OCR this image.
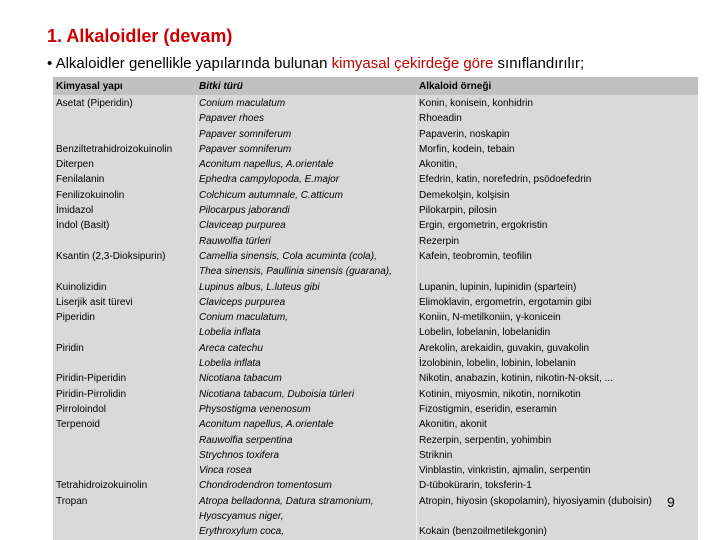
1. Alkaloidler (devam)
• Alkaloidler genellikle yapılarında bulunan kimyasal çekirdeğe göre sınıflandırılır;
Kimyasal yapı	Bitki türü	Alkaloid örneği
Asetat (Piperidin)

Benziltetrahidroizokuinolin
Diterpen
Fenilalanin
Fenilizokuinolin
İmidazol
İndol (Basit)

Ksantin (2,3-Dioksipurin)

Kuinolizidin
Liserjik asit türevi
Piperidin

Piridin

Piridin-Piperidin
Piridin-Pirrolidin
Pirroloindol
Terpenoid

Tetrahidroizokuinolin
Tropan

Conium maculatum
Papaver rhoes
Papaver somniferum
Papaver somniferum
Aconitum napellus, A.orientale
Ephedra campylopoda, E.major
Colchicum autumnale, C.atticum
Pilocarpus jaborandi
Claviceap purpurea
Rauwolfia türleri
Camellia sinensis, Cola acuminta (cola),
Thea sinensis, Paullinia sinensis (guarana),
Lupinus albus, L.luteus gibi
Claviceps purpurea
Conium maculatum,
Lobelia inflata
Areca catechu
Lobelia inflata
Nicotiana tabacum
Nicotiana tabacum, Duboisia türleri
Physostigma venenosum
Aconitum napellus, A.orientale
Rauwolfia serpentina
Strychnos toxifera
Vinca rosea
Chondrodendron tomentosum
Atropa belladonna, Datura stramonium,
Hyoscyamus niger,
Erythroxylum coca,
Konin, konisein, konhidrin
Rhoeadin
Papaverin, noskapin
Morfin, kodein, tebain
Akonitin,
Efedrin, katin, norefedrin, psödoefedrin
Demekolşin, kolşisin
Pilokarpin, pilosin
Ergin, ergometrin, ergokristin
Rezerpin
Kafein, teobromin, teofilin

Lupanin, lupinin, lupinidin (spartein)
Elimoklavin, ergometrin, ergotamin gibi
Koniin, N-metilkoniin, γ-konicein
Lobelin, lobelanin, lobelanidin
Arekolin, arekaidin, guvakin, guvakolin
İzolobinin, lobelin, lobinin, lobelanin
Nikotin, anabazin, kotinin, nikotin-N-oksit, ...
Kotinin, miyosmin, nikotin, nornikotin
Fizostigmin, eseridin, eseramin
Akonitin, akonit
Rezerpin, serpentin, yohimbin
Striknin
Vinblastin, vinkristin, ajmalin, serpentin
D-tübokürarin, toksferin-1
Atropin, hiyosin (skopolamin), hiyosiyamin (duboisin)

Kokain (benzoilmetilekgonin)
9
